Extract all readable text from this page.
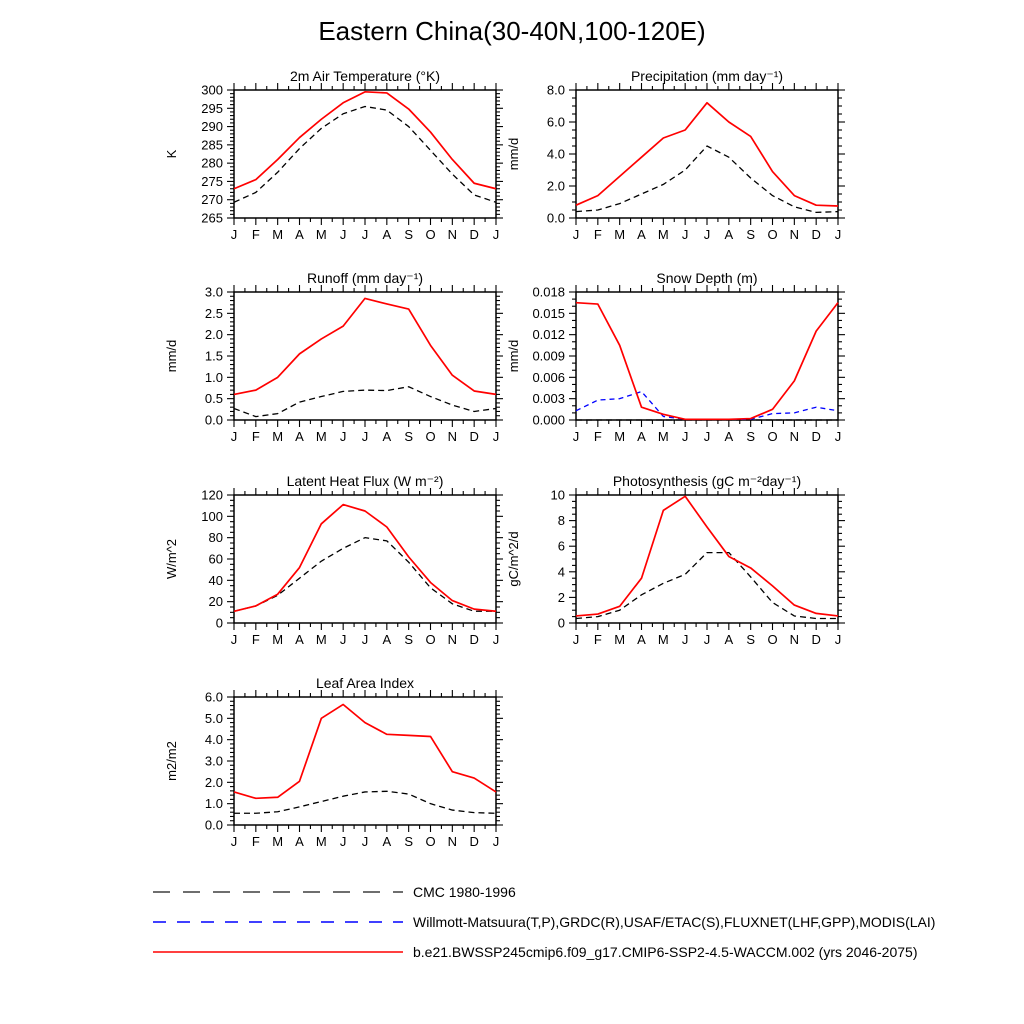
Eastern China(30-40N,100-120E)
J F M A M J J A S O N D J
265
270
275
280
285
290
295
300
2m Air Temperature (°K)
K
J F M A M J J A S O N D J
0.0
2.0
4.0
6.0
8.0
Precipitation (mm day⁻¹)
mm/d
J F M A M J J A S O N D J
0.0
0.5
1.0
1.5
2.0
2.5
3.0
Runoff (mm day⁻¹)
mm/d
J F M A M J J A S O N D J
0.000
0.003
0.006
0.009
0.012
0.015
0.018
Snow Depth (m)
mm/d
J F M A M J J A S O N D J
0
20
40
60
80
100
120
Latent Heat Flux (W m⁻²)
W/m^2
J F M A M J J A S O N D J
0
2
4
6
8
10
Photosynthesis (gC m⁻²day⁻¹)
gC/m^2/d
J F M A M J J A S O N D J
0.0
1.0
2.0
3.0
4.0
5.0
6.0
Leaf Area Index
m2/m2
CMC 1980-1996
Willmott-Matsuura(T,P),GRDC(R),USAF/ETAC(S),FLUXNET(LHF,GPP),MODIS(LAI)
b.e21.BWSSP245cmip6.f09_g17.CMIP6-SSP2-4.5-WACCM.002 (yrs 2046-2075)
